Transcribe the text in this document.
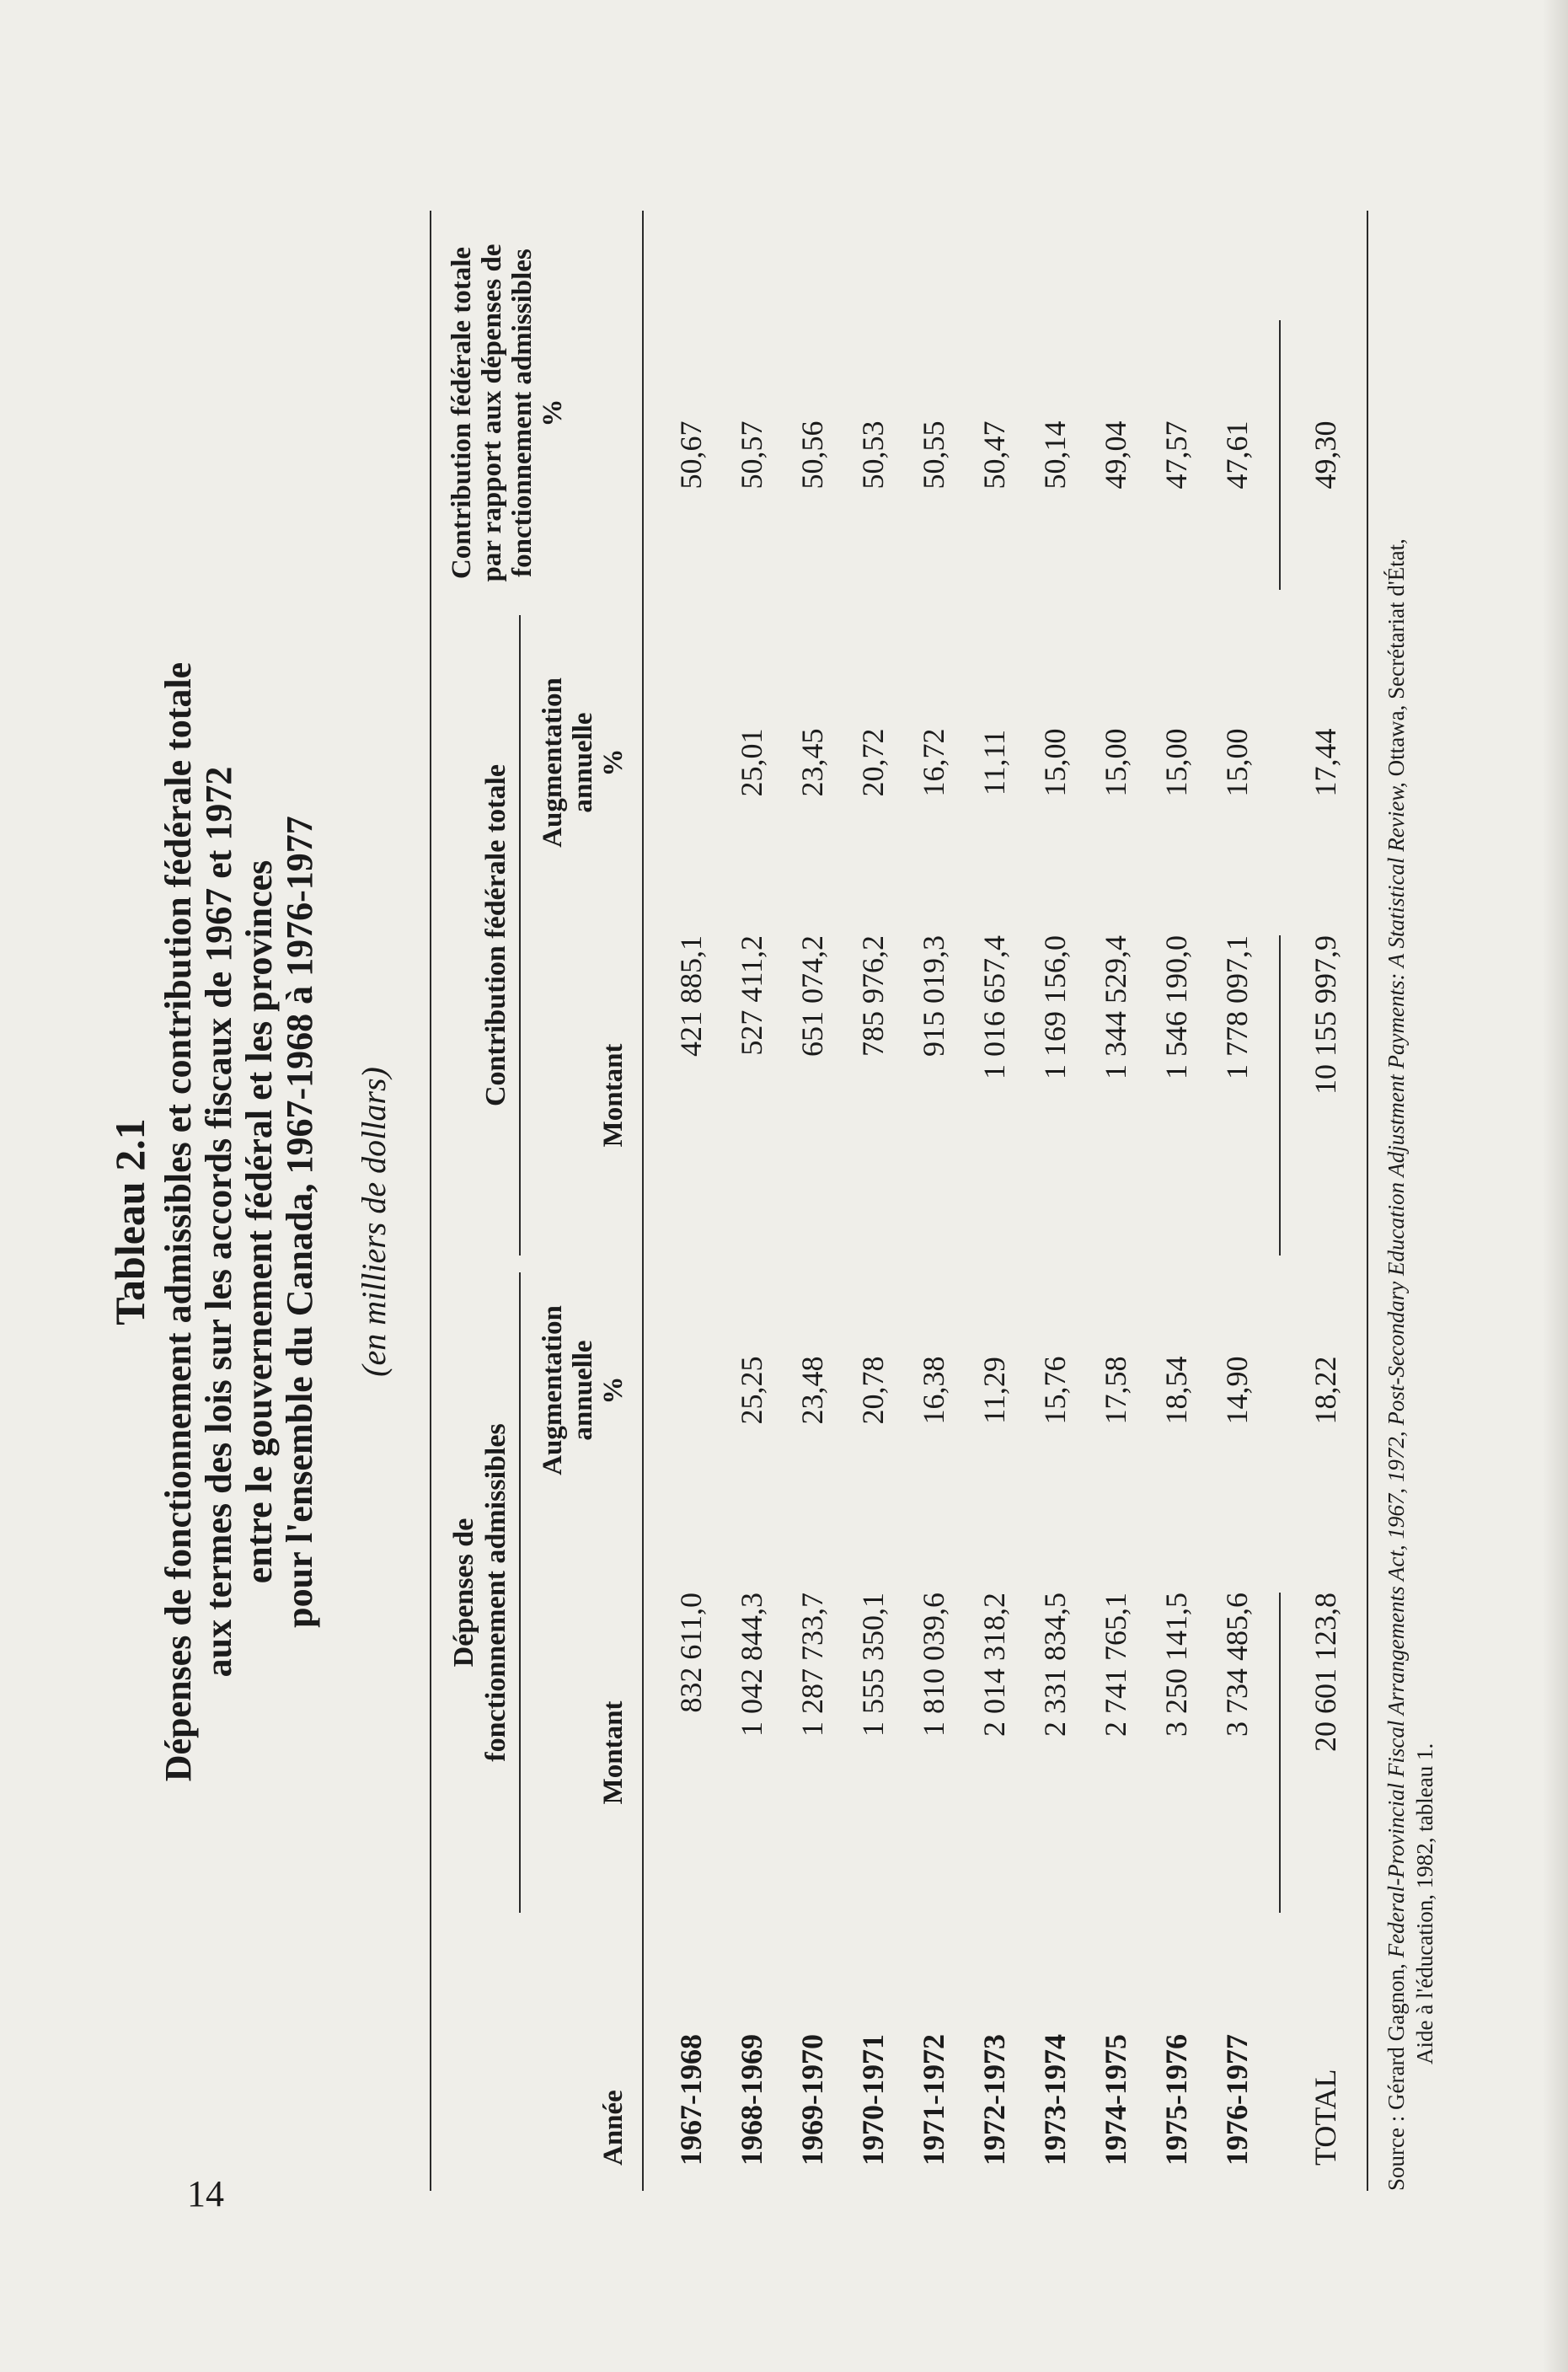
14
Tableau 2.1 Dépenses de fonctionnement admissibles et contribution fédérale totale aux termes des lois sur les accords fiscaux de 1967 et 1972 entre le gouvernement fédéral et les provinces pour l'ensemble du Canada, 1967-1968 à 1976-1977 (en milliers de dollars)
Dépenses de fonctionnement admissibles
Contribution fédérale totale
Année
Montant
Augmentation annuelle %
Montant
Augmentation annuelle %
Contribution fédérale totale par rapport aux dépenses de fonctionnement admissibles %
1967-1968
832 611,0
421 885,1
50,67
1968-1969
1 042 844,3
25,25
527 411,2
25,01
50,57
1969-1970
1 287 733,7
23,48
651 074,2
23,45
50,56
1970-1971
1 555 350,1
20,78
785 976,2
20,72
50,53
1971-1972
1 810 039,6
16,38
915 019,3
16,72
50,55
1972-1973
2 014 318,2
11,29
1 016 657,4
11,11
50,47
1973-1974
2 331 834,5
15,76
1 169 156,0
15,00
50,14
1974-1975
2 741 765,1
17,58
1 344 529,4
15,00
49,04
1975-1976
3 250 141,5
18,54
1 546 190,0
15,00
47,57
1976-1977
3 734 485,6
14,90
1 778 097,1
15,00
47,61
TOTAL
20 601 123,8
18,22
10 155 997,9
17,44
49,30
Source : Gérard Gagnon, Federal-Provincial Fiscal Arrangements Act, 1967, 1972, Post-Secondary Education Adjustment Payments: A Statistical Review, Ottawa, Secrétariat d'État,
Aide à l'éducation, 1982, tableau 1.
